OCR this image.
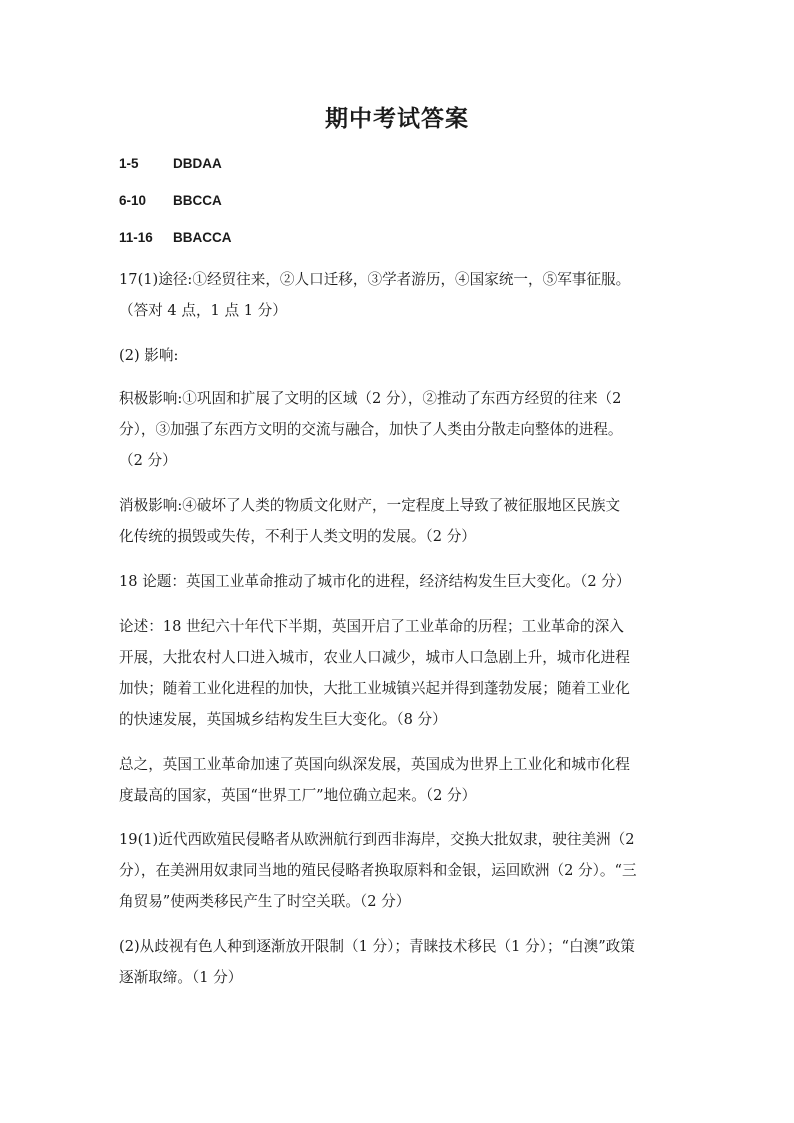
期中考试答案
1-5	DBDAA
6-10 BBCCA
11-16 BBACCA
17(1)途径:①经贸往来，②人口迁移，③学者游历，④国家统一，⑤军事征服。
（答对 4 点，1 点 1 分）
(2) 影响:
积极影响:①巩固和扩展了文明的区域（2 分），②推动了东西方经贸的往来（2
分），③加强了东西方文明的交流与融合，加快了人类由分散走向整体的进程。
（2 分）
消极影响:④破坏了人类的物质文化财产，一定程度上导致了被征服地区民族文
化传统的损毁或失传，不利于人类文明的发展。（2 分）
18 论题：英国工业革命推动了城市化的进程，经济结构发生巨大变化。（2 分）
论述：18 世纪六十年代下半期，英国开启了工业革命的历程；工业革命的深入
开展，大批农村人口进入城市，农业人口减少，城市人口急剧上升，城市化进程
加快；随着工业化进程的加快，大批工业城镇兴起并得到蓬勃发展；随着工业化
的快速发展，英国城乡结构发生巨大变化。（8 分）
总之，英国工业革命加速了英国向纵深发展，英国成为世界上工业化和城市化程
度最高的国家，英国“世界工厂”地位确立起来。（2 分）
19(1)近代西欧殖民侵略者从欧洲航行到西非海岸，交换大批奴隶，驶往美洲（2
分），在美洲用奴隶同当地的殖民侵略者换取原料和金银，运回欧洲（2 分）。“三
角贸易”使两类移民产生了时空关联。（2 分）
(2)从歧视有色人种到逐渐放开限制（1 分）；青睐技术移民（1 分）；“白澳”政策
逐渐取缔。（1 分）
